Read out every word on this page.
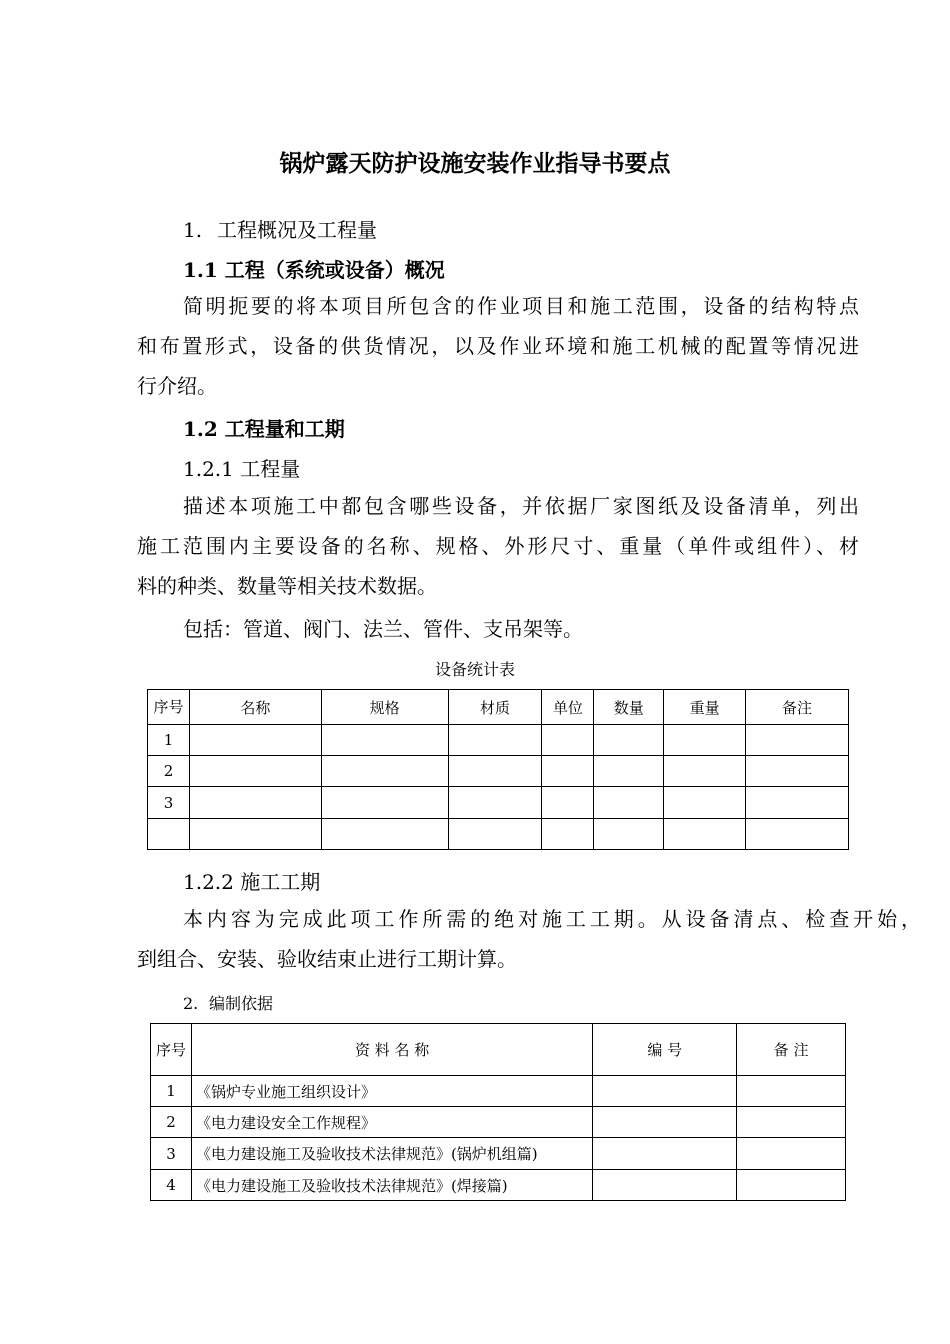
锅炉露天防护设施安装作业指导书要点
1. 工程概况及工程量
1.1 工程（系统或设备）概况
简明扼要的将本项目所包含的作业项目和施工范围，设备的结构特点
和布置形式，设备的供货情况，以及作业环境和施工机械的配置等情况进
行介绍。
1.2 工程量和工期
1.2.1 工程量
描述本项施工中都包含哪些设备，并依据厂家图纸及设备清单，列出
施工范围内主要设备的名称、规格、外形尺寸、重量（单件或组件）、材
料的种类、数量等相关技术数据。
包括：管道、阀门、法兰、管件、支吊架等。
设备统计表
序号	名称	规格	材质	单位	数量	重量	备注
1							
2							
3							

1.2.2 施工工期
本内容为完成此项工作所需的绝对施工工期。从设备清点、检查开始，
到组合、安装、验收结束止进行工期计算。
2. 编制依据
序号	资 料 名 称	编 号	备 注
1	《锅炉专业施工组织设计》		
2	《电力建设安全工作规程》		
3	《电力建设施工及验收技术法律规范》(锅炉机组篇)		
4	《电力建设施工及验收技术法律规范》(焊接篇)		
